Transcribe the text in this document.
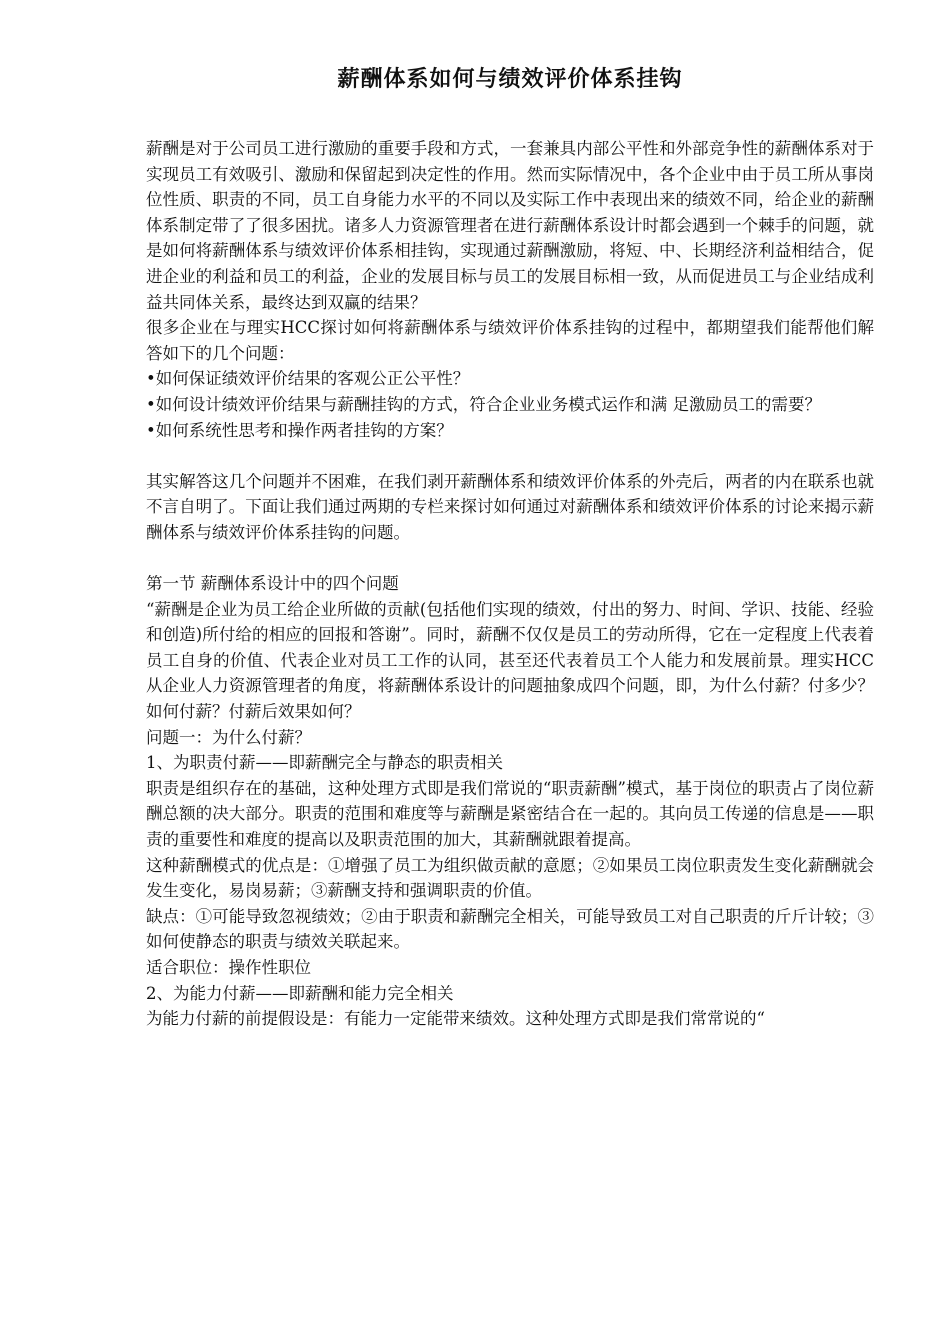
薪酬体系如何与绩效评价体系挂钩

薪酬是对于公司员工进行激励的重要手段和方式，一套兼具内部公平性和外部竞争性的薪酬体系对于实现员工有效吸引、激励和保留起到决定性的作用。然而实际情况中，各个企业中由于员工所从事岗位性质、职责的不同，员工自身能力水平的不同以及实际工作中表现出来的绩效不同，给企业的薪酬体系制定带了了很多困扰。诸多人力资源管理者在进行薪酬体系设计时都会遇到一个棘手的问题，就是如何将薪酬体系与绩效评价体系相挂钩，实现通过薪酬激励，将短、中、长期经济利益相结合，促进企业的利益和员工的利益，企业的发展目标与员工的发展目标相一致，从而促进员工与企业结成利益共同体关系，最终达到双赢的结果？

很多企业在与理实HCC探讨如何将薪酬体系与绩效评价体系挂钩的过程中，都期望我们能帮他们解答如下的几个问题：

•如何保证绩效评价结果的客观公正公平性？

•如何设计绩效评价结果与薪酬挂钩的方式，符合企业业务模式运作和满 足激励员工的需要？

•如何系统性思考和操作两者挂钩的方案？

其实解答这几个问题并不困难，在我们剥开薪酬体系和绩效评价体系的外壳后，两者的内在联系也就不言自明了。下面让我们通过两期的专栏来探讨如何通过对薪酬体系和绩效评价体系的讨论来揭示薪酬体系与绩效评价体系挂钩的问题。

第一节 薪酬体系设计中的四个问题

“薪酬是企业为员工给企业所做的贡献(包括他们实现的绩效，付出的努力、时间、学识、技能、经验和创造)所付给的相应的回报和答谢”。同时，薪酬不仅仅是员工的劳动所得，它在一定程度上代表着员工自身的价值、代表企业对员工工作的认同，甚至还代表着员工个人能力和发展前景。理实HCC从企业人力资源管理者的角度，将薪酬体系设计的问题抽象成四个问题，即，为什么付薪？付多少？如何付薪？付薪后效果如何？

问题一：为什么付薪？

1、为职责付薪——即薪酬完全与静态的职责相关

职责是组织存在的基础，这种处理方式即是我们常说的“职责薪酬”模式，基于岗位的职责占了岗位薪酬总额的决大部分。职责的范围和难度等与薪酬是紧密结合在一起的。其向员工传递的信息是——职责的重要性和难度的提高以及职责范围的加大，其薪酬就跟着提高。

这种薪酬模式的优点是：①增强了员工为组织做贡献的意愿；②如果员工岗位职责发生变化薪酬就会发生变化，易岗易薪；③薪酬支持和强调职责的价值。

缺点：①可能导致忽视绩效；②由于职责和薪酬完全相关，可能导致员工对自己职责的斤斤计较；③如何使静态的职责与绩效关联起来。

适合职位：操作性职位

2、为能力付薪——即薪酬和能力完全相关

为能力付薪的前提假设是：有能力一定能带来绩效。这种处理方式即是我们常常说的“
